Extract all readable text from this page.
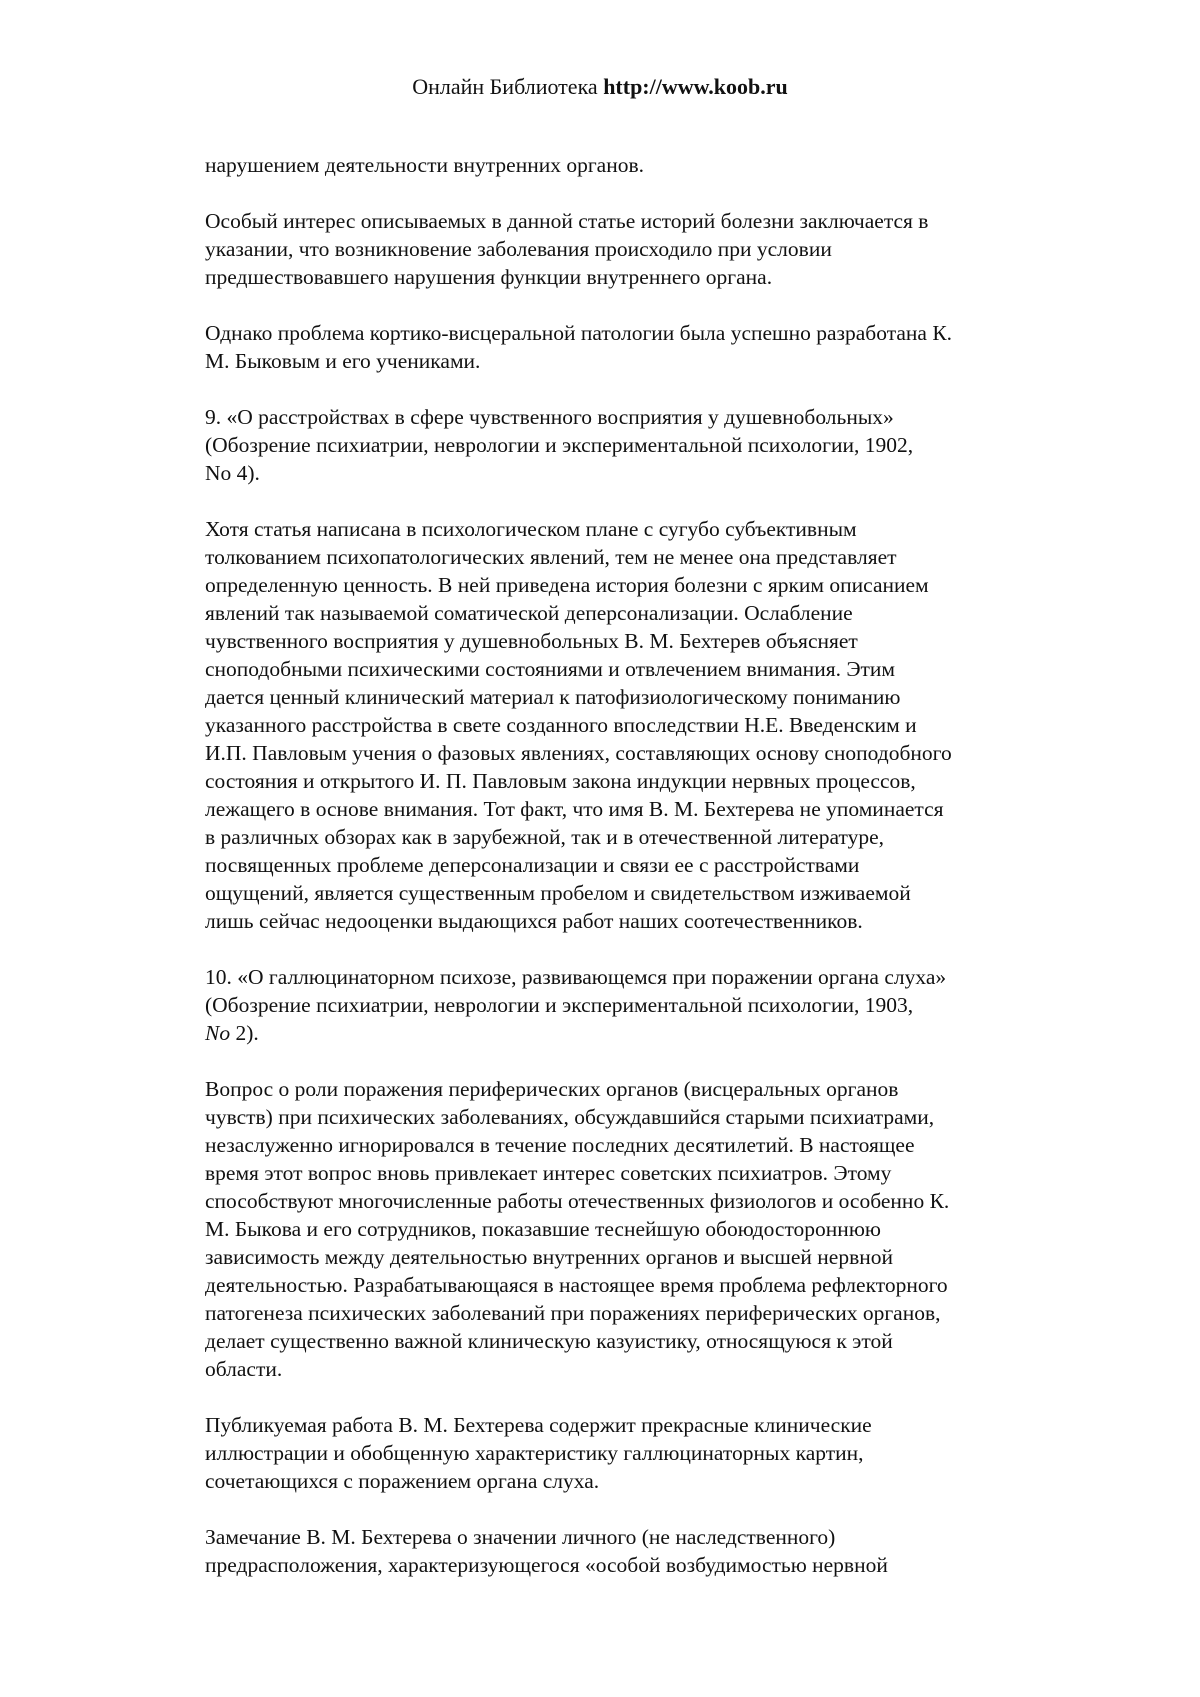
Онлайн Библиотека http://www.koob.ru

нарушением деятельности внутренних органов.

Особый интерес описываемых в данной статье историй болезни заключается в
указании, что возникновение заболевания происходило при условии
предшествовавшего нарушения функции внутреннего органа.

Однако проблема кортико-висцеральной патологии была успешно разработана К.
М. Быковым и его учениками.

9. «О расстройствах в сфере чувственного восприятия у душевнобольных»
(Обозрение психиатрии, неврологии и экспериментальной психологии, 1902,
No 4).

Хотя статья написана в психологическом плане с сугубо субъективным
толкованием психопатологических явлений, тем не менее она представляет
определенную ценность. В ней приведена история болезни с ярким описанием
явлений так называемой соматической деперсонализации. Ослабление
чувственного восприятия у душевнобольных В. М. Бехтерев объясняет
сноподобными психическими состояниями и отвлечением внимания. Этим
дается ценный клинический материал к патофизиологическому пониманию
указанного расстройства в свете созданного впоследствии Н.Е. Введенским и
И.П. Павловым учения о фазовых явлениях, составляющих основу сноподобного
состояния и открытого И. П. Павловым закона индукции нервных процессов,
лежащего в основе внимания. Тот факт, что имя В. М. Бехтерева не упоминается
в различных обзорах как в зарубежной, так и в отечественной литературе,
посвященных проблеме деперсонализации и связи ее с расстройствами
ощущений, является существенным пробелом и свидетельством изживаемой
лишь сейчас недооценки выдающихся работ наших соотечественников.

10. «О галлюцинаторном психозе, развивающемся при поражении органа слуха»
(Обозрение психиатрии, неврологии и экспериментальной психологии, 1903,
No 2).

Вопрос о роли поражения периферических органов (висцеральных органов
чувств) при психических заболеваниях, обсуждавшийся старыми психиатрами,
незаслуженно игнорировался в течение последних десятилетий. В настоящее
время этот вопрос вновь привлекает интерес советских психиатров. Этому
способствуют многочисленные работы отечественных физиологов и особенно К.
М. Быкова и его сотрудников, показавшие теснейшую обоюдостороннюю
зависимость между деятельностью внутренних органов и высшей нервной
деятельностью. Разрабатывающаяся в настоящее время проблема рефлекторного
патогенеза психических заболеваний при поражениях периферических органов,
делает существенно важной клиническую казуистику, относящуюся к этой
области.

Публикуемая работа В. М. Бехтерева содержит прекрасные клинические
иллюстрации и обобщенную характеристику галлюцинаторных картин,
сочетающихся с поражением органа слуха.

Замечание В. М. Бехтерева о значении личного (не наследственного)
предрасположения, характеризующегося «особой возбудимостью нервной
